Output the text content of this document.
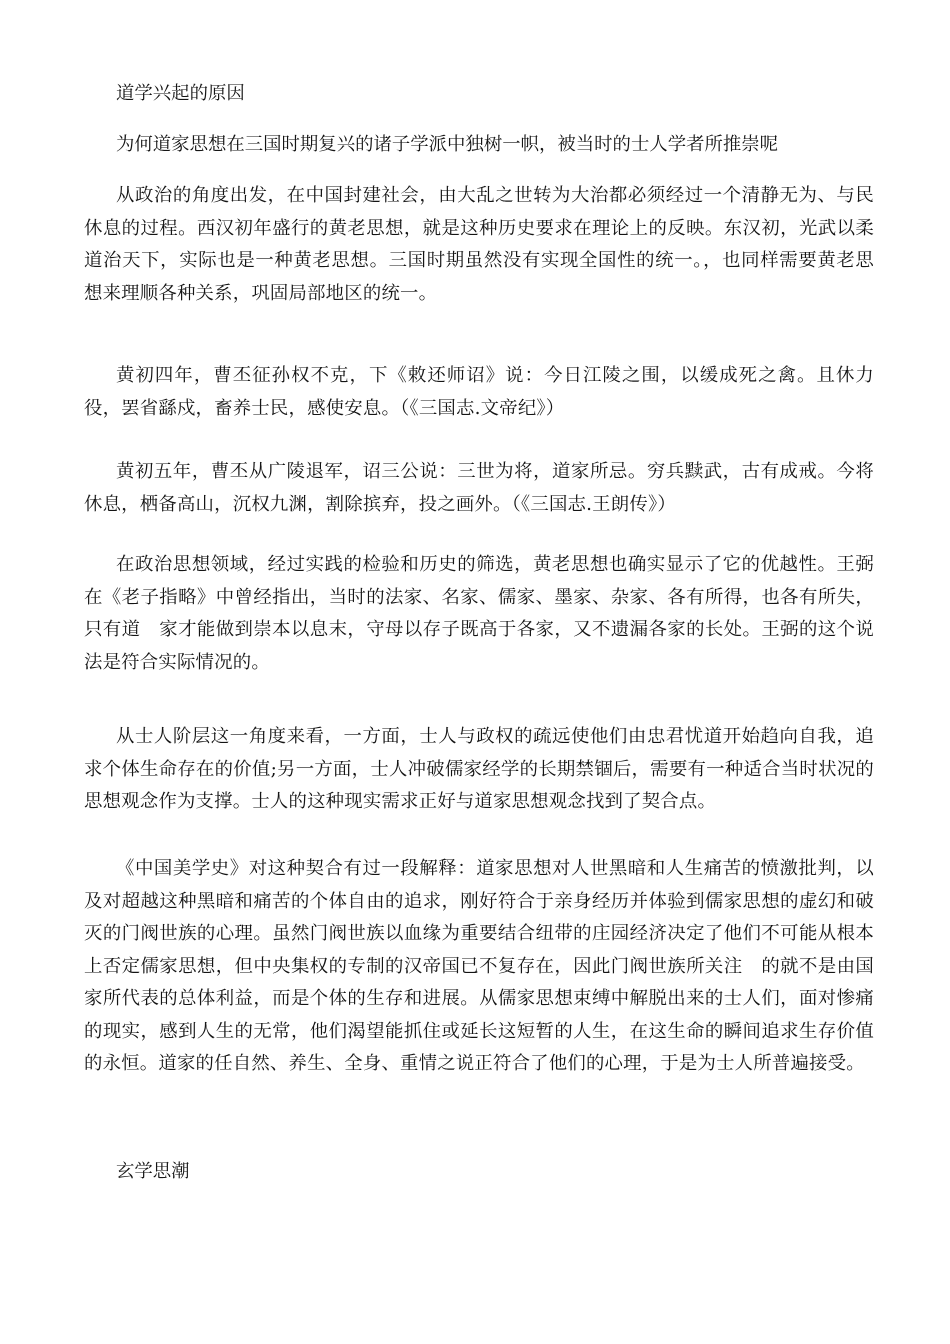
道学兴起的原因

为何道家思想在三国时期复兴的诸子学派中独树一帜，被当时的士人学者所推崇呢

从政治的角度出发，在中国封建社会，由大乱之世转为大治都必须经过一个清静无为、与民休息的过程。西汉初年盛行的黄老思想，就是这种历史要求在理论上的反映。东汉初，光武以柔道治天下，实际也是一种黄老思想。三国时期虽然没有实现全国性的统一。，也同样需要黄老思想来理顺各种关系，巩固局部地区的统一。

黄初四年，曹丕征孙权不克，下《敕还师诏》说：今日江陵之围，以缓成死之禽。且休力役，罢省繇戍，畜养士民，感使安息。（《三国志.文帝纪》）

黄初五年，曹丕从广陵退军，诏三公说：三世为将，道家所忌。穷兵黩武，古有成戒。今将休息，栖备高山，沉权九渊，割除摈弃，投之画外。（《三国志.王朗传》）

在政治思想领域，经过实践的检验和历史的筛选，黄老思想也确实显示了它的优越性。王弼在《老子指略》中曾经指出，当时的法家、名家、儒家、墨家、杂家、各有所得，也各有所失，只有道　家才能做到崇本以息末，守母以存子既高于各家，又不遗漏各家的长处。王弼的这个说法是符合实际情况的。

从士人阶层这一角度来看，一方面，士人与政权的疏远使他们由忠君忧道开始趋向自我，追求个体生命存在的价值;另一方面，士人冲破儒家经学的长期禁锢后，需要有一种适合当时状况的思想观念作为支撑。士人的这种现实需求正好与道家思想观念找到了契合点。

《中国美学史》对这种契合有过一段解释：道家思想对人世黑暗和人生痛苦的愤激批判，以及对超越这种黑暗和痛苦的个体自由的追求，刚好符合于亲身经历并体验到儒家思想的虚幻和破灭的门阀世族的心理。虽然门阀世族以血缘为重要结合纽带的庄园经济决定了他们不可能从根本上否定儒家思想，但中央集权的专制的汉帝国已不复存在，因此门阀世族所关注　的就不是由国家所代表的总体利益，而是个体的生存和进展。从儒家思想束缚中解脱出来的士人们，面对惨痛的现实，感到人生的无常，他们渴望能抓住或延长这短暂的人生，在这生命的瞬间追求生存价值的永恒。道家的任自然、养生、全身、重情之说正符合了他们的心理，于是为士人所普遍接受。

玄学思潮
